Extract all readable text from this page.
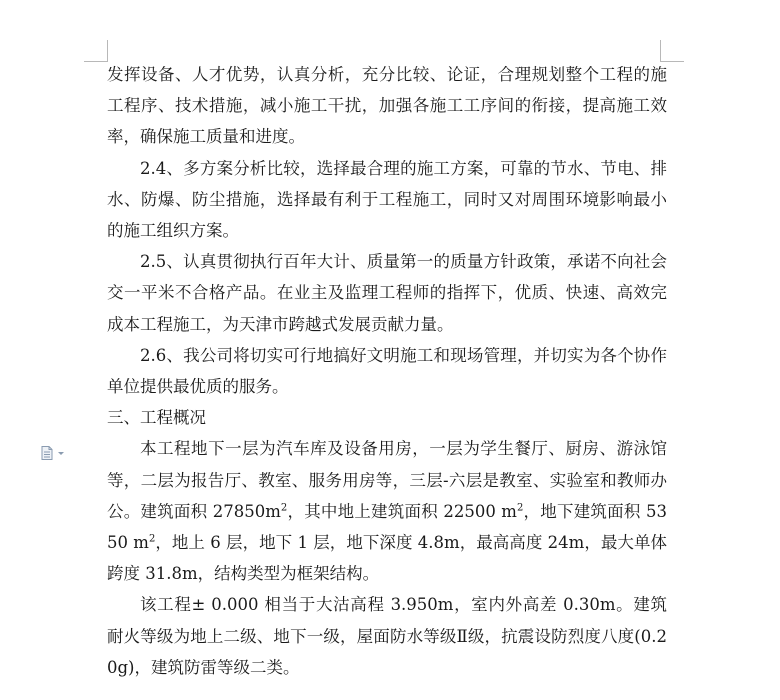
发挥设备、人才优势，认真分析，充分比较、论证，合理规划整个工程的施工程序、技术措施，减小施工干扰，加强各施工工序间的衔接，提高施工效率，确保施工质量和进度。

2.4、多方案分析比较，选择最合理的施工方案，可靠的节水、节电、排水、防爆、防尘措施，选择最有利于工程施工，同时又对周围环境影响最小的施工组织方案。

2.5、认真贯彻执行百年大计、质量第一的质量方针政策，承诺不向社会交一平米不合格产品。在业主及监理工程师的指挥下，优质、快速、高效完成本工程施工，为天津市跨越式发展贡献力量。

2.6、我公司将切实可行地搞好文明施工和现场管理，并切实为各个协作单位提供最优质的服务。

三、工程概况

本工程地下一层为汽车库及设备用房，一层为学生餐厅、厨房、游泳馆等，二层为报告厅、教室、服务用房等，三层-六层是教室、实验室和教师办公。建筑面积 $27850m^2$，其中地上建筑面积 22500 $m^2$，地下建筑面积 5350 $m^2$，地上 6 层，地下 1 层，地下深度 4.8m，最高高度 24m，最大单体跨度 31.8m，结构类型为框架结构。

该工程± 0.000 相当于大沽高程 3.950m，室内外高差 0.30m。建筑耐火等级为地上二级、地下一级，屋面防水等级Ⅱ级，抗震设防烈度八度(0.20g)，建筑防雷等级二类。
